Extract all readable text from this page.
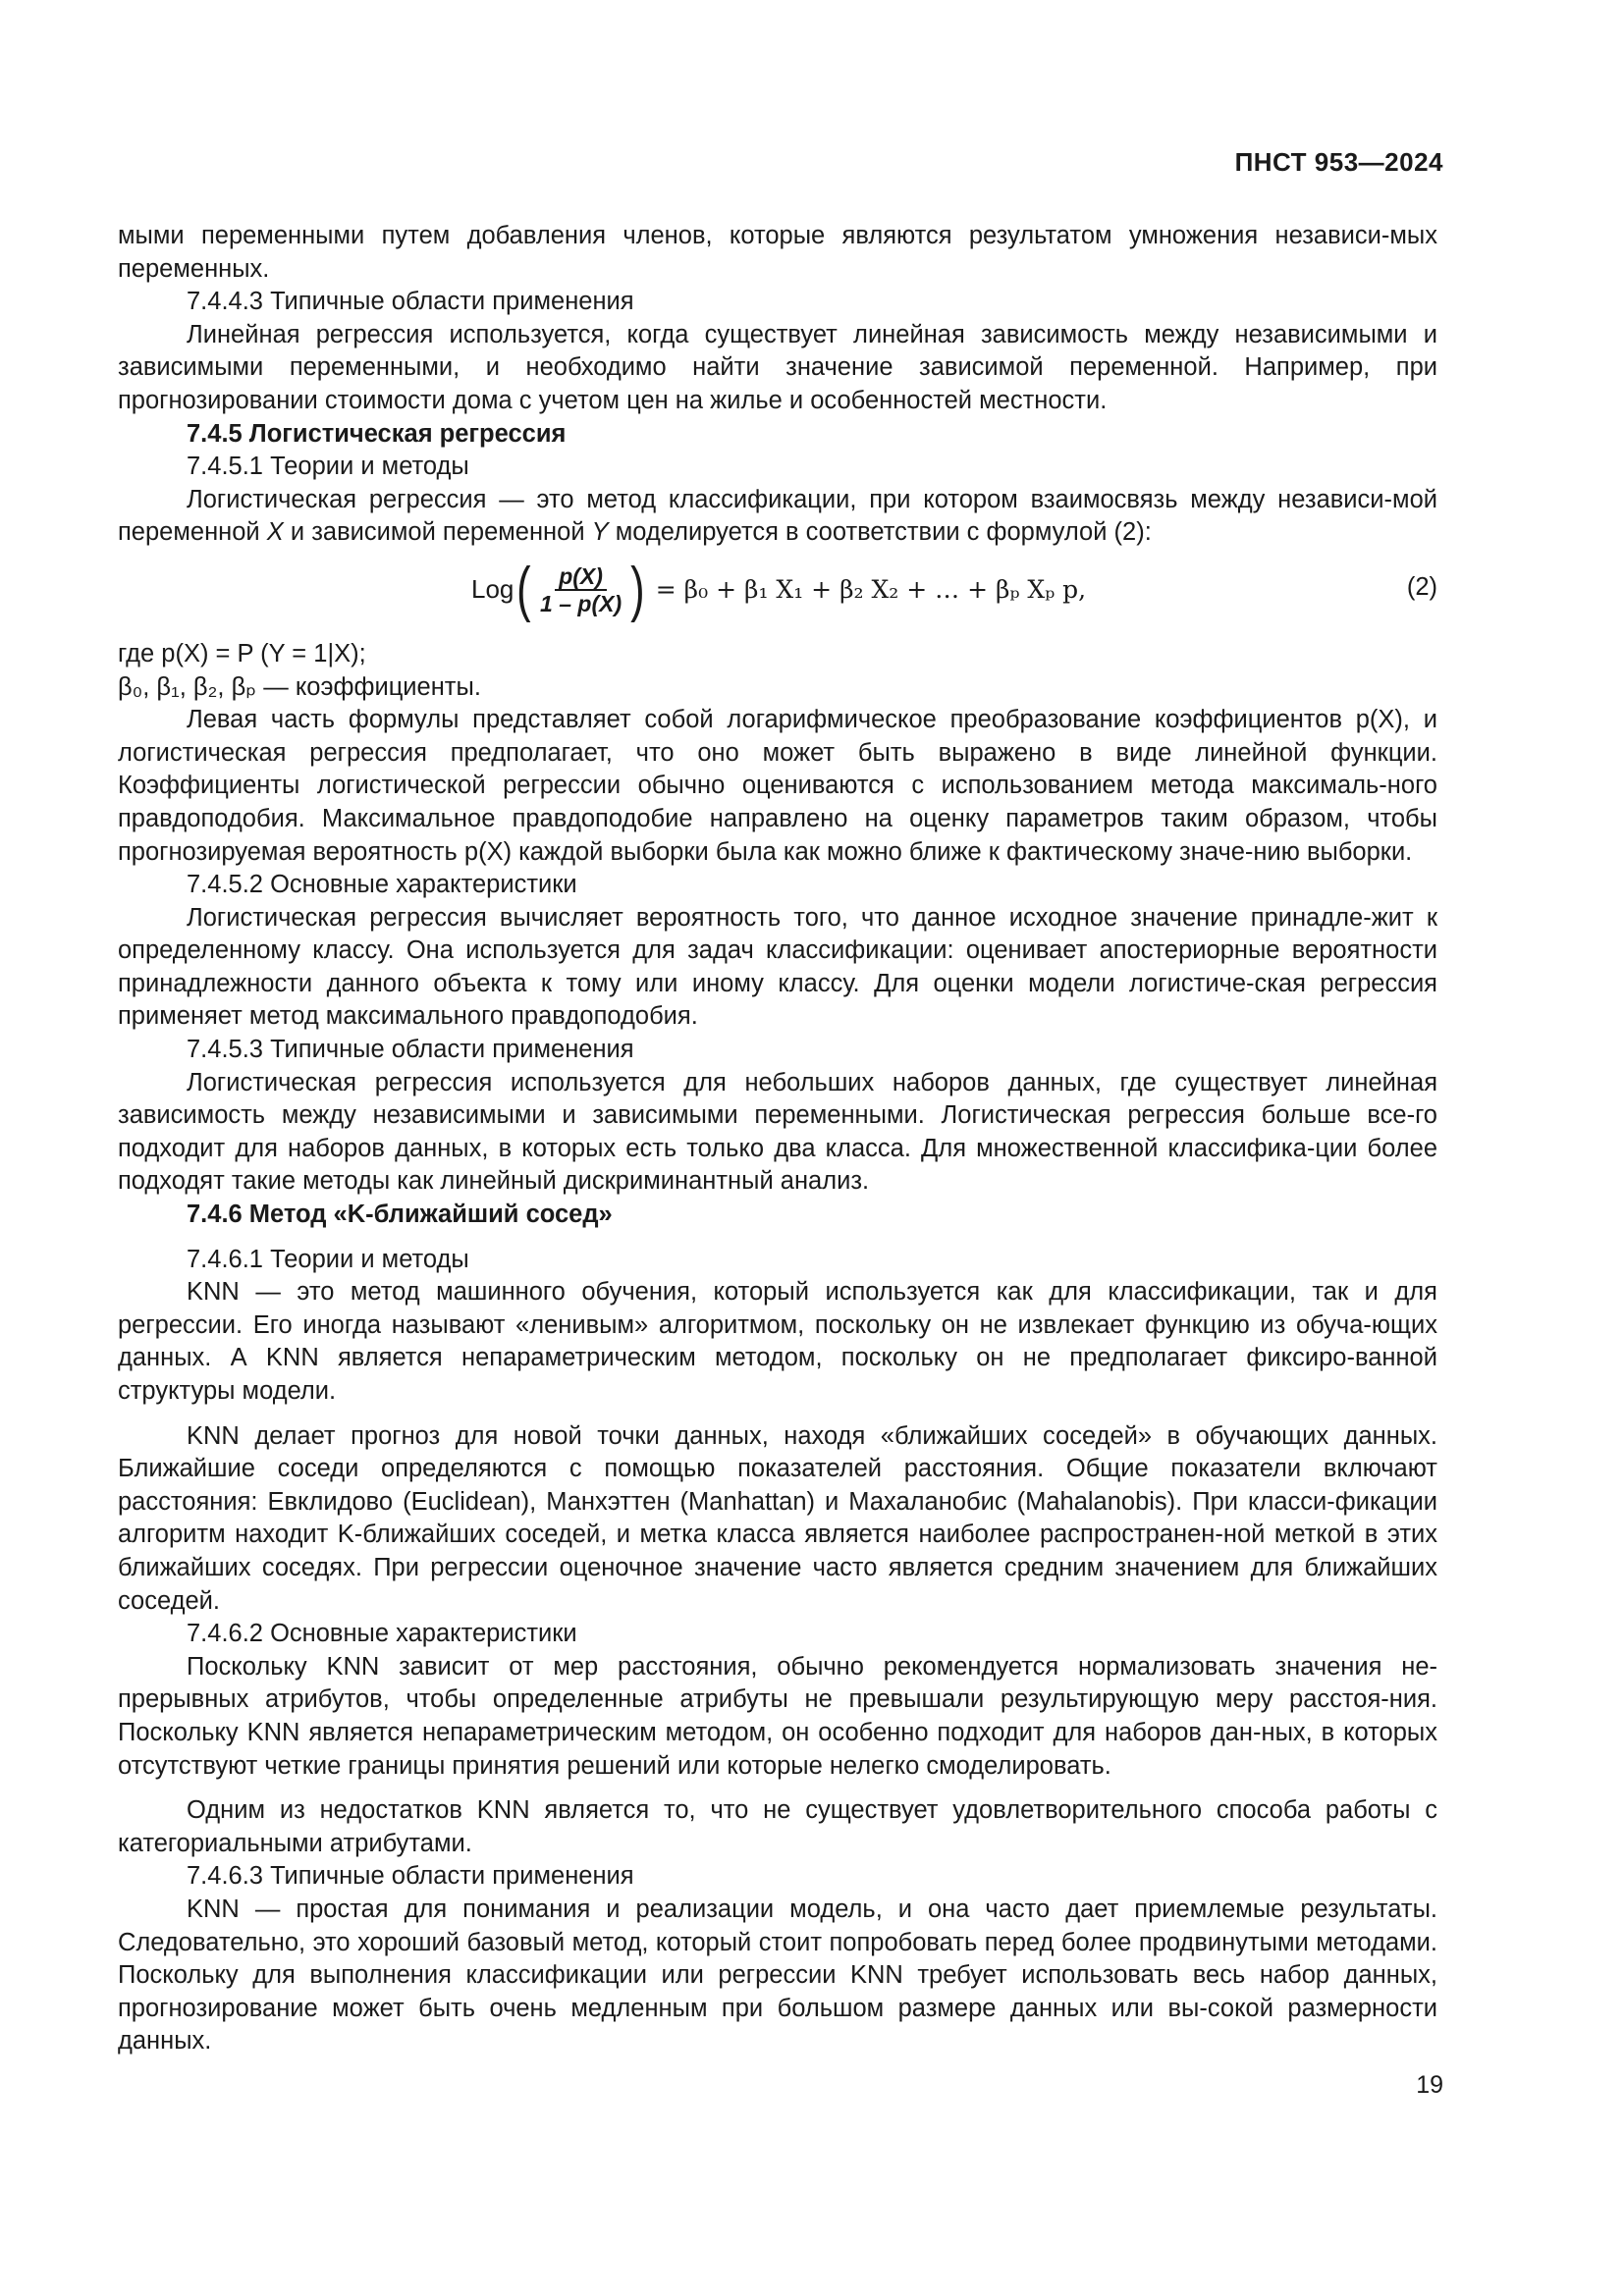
ПНСТ 953—2024

мыми переменными путем добавления членов, которые являются результатом умножения независи-мых переменных.

7.4.4.3 Типичные области применения

Линейная регрессия используется, когда существует линейная зависимость между независимыми и зависимыми переменными, и необходимо найти значение зависимой переменной. Например, при прогнозировании стоимости дома с учетом цен на жилье и особенностей местности.

7.4.5 Логистическая регрессия

7.4.5.1 Теории и методы

Логистическая регрессия — это метод классификации, при котором взаимосвязь между независи-мой переменной X и зависимой переменной Y моделируется в соответствии с формулой (2):

Log ( $\frac{p(X)}{1 - p(X)}$ ) = β₀ + β₁ X₁ + β₂ X₂ + … + βₚ Xₚ p,	(2)

где p(X) = P (Y = 1|X);

β₀, β₁, β₂, βₚ — коэффициенты.

Левая часть формулы представляет собой логарифмическое преобразование коэффициентов p(X), и логистическая регрессия предполагает, что оно может быть выражено в виде линейной функции. Коэффициенты логистической регрессии обычно оцениваются с использованием метода максималь-ного правдоподобия. Максимальное правдоподобие направлено на оценку параметров таким образом, чтобы прогнозируемая вероятность p(X) каждой выборки была как можно ближе к фактическому значе-нию выборки.

7.4.5.2 Основные характеристики

Логистическая регрессия вычисляет вероятность того, что данное исходное значение принадле-жит к определенному классу. Она используется для задач классификации: оценивает апостериорные вероятности принадлежности данного объекта к тому или иному классу. Для оценки модели логистиче-ская регрессия применяет метод максимального правдоподобия.

7.4.5.3 Типичные области применения

Логистическая регрессия используется для небольших наборов данных, где существует линейная зависимость между независимыми и зависимыми переменными. Логистическая регрессия больше все-го подходит для наборов данных, в которых есть только два класса. Для множественной классифика-ции более подходят такие методы как линейный дискриминантный анализ.

7.4.6 Метод «K-ближайший сосед»

7.4.6.1 Теории и методы

KNN — это метод машинного обучения, который используется как для классификации, так и для регрессии. Его иногда называют «ленивым» алгоритмом, поскольку он не извлекает функцию из обуча-ющих данных. А KNN является непараметрическим методом, поскольку он не предполагает фиксиро-ванной структуры модели.

KNN делает прогноз для новой точки данных, находя «ближайших соседей» в обучающих данных. Ближайшие соседи определяются с помощью показателей расстояния. Общие показатели включают расстояния: Евклидово (Euclidean), Манхэттен (Manhattan) и Махаланобис (Mahalanobis). При класси-фикации алгоритм находит K-ближайших соседей, и метка класса является наиболее распространен-ной меткой в этих ближайших соседях. При регрессии оценочное значение часто является средним значением для ближайших соседей.

7.4.6.2 Основные характеристики

Поскольку KNN зависит от мер расстояния, обычно рекомендуется нормализовать значения не-прерывных атрибутов, чтобы определенные атрибуты не превышали результирующую меру расстоя-ния. Поскольку KNN является непараметрическим методом, он особенно подходит для наборов дан-ных, в которых отсутствуют четкие границы принятия решений или которые нелегко смоделировать.

Одним из недостатков KNN является то, что не существует удовлетворительного способа работы с категориальными атрибутами.

7.4.6.3 Типичные области применения

KNN — простая для понимания и реализации модель, и она часто дает приемлемые результаты. Следовательно, это хороший базовый метод, который стоит попробовать перед более продвинутыми методами. Поскольку для выполнения классификации или регрессии KNN требует использовать весь набор данных, прогнозирование может быть очень медленным при большом размере данных или вы-сокой размерности данных.

19
